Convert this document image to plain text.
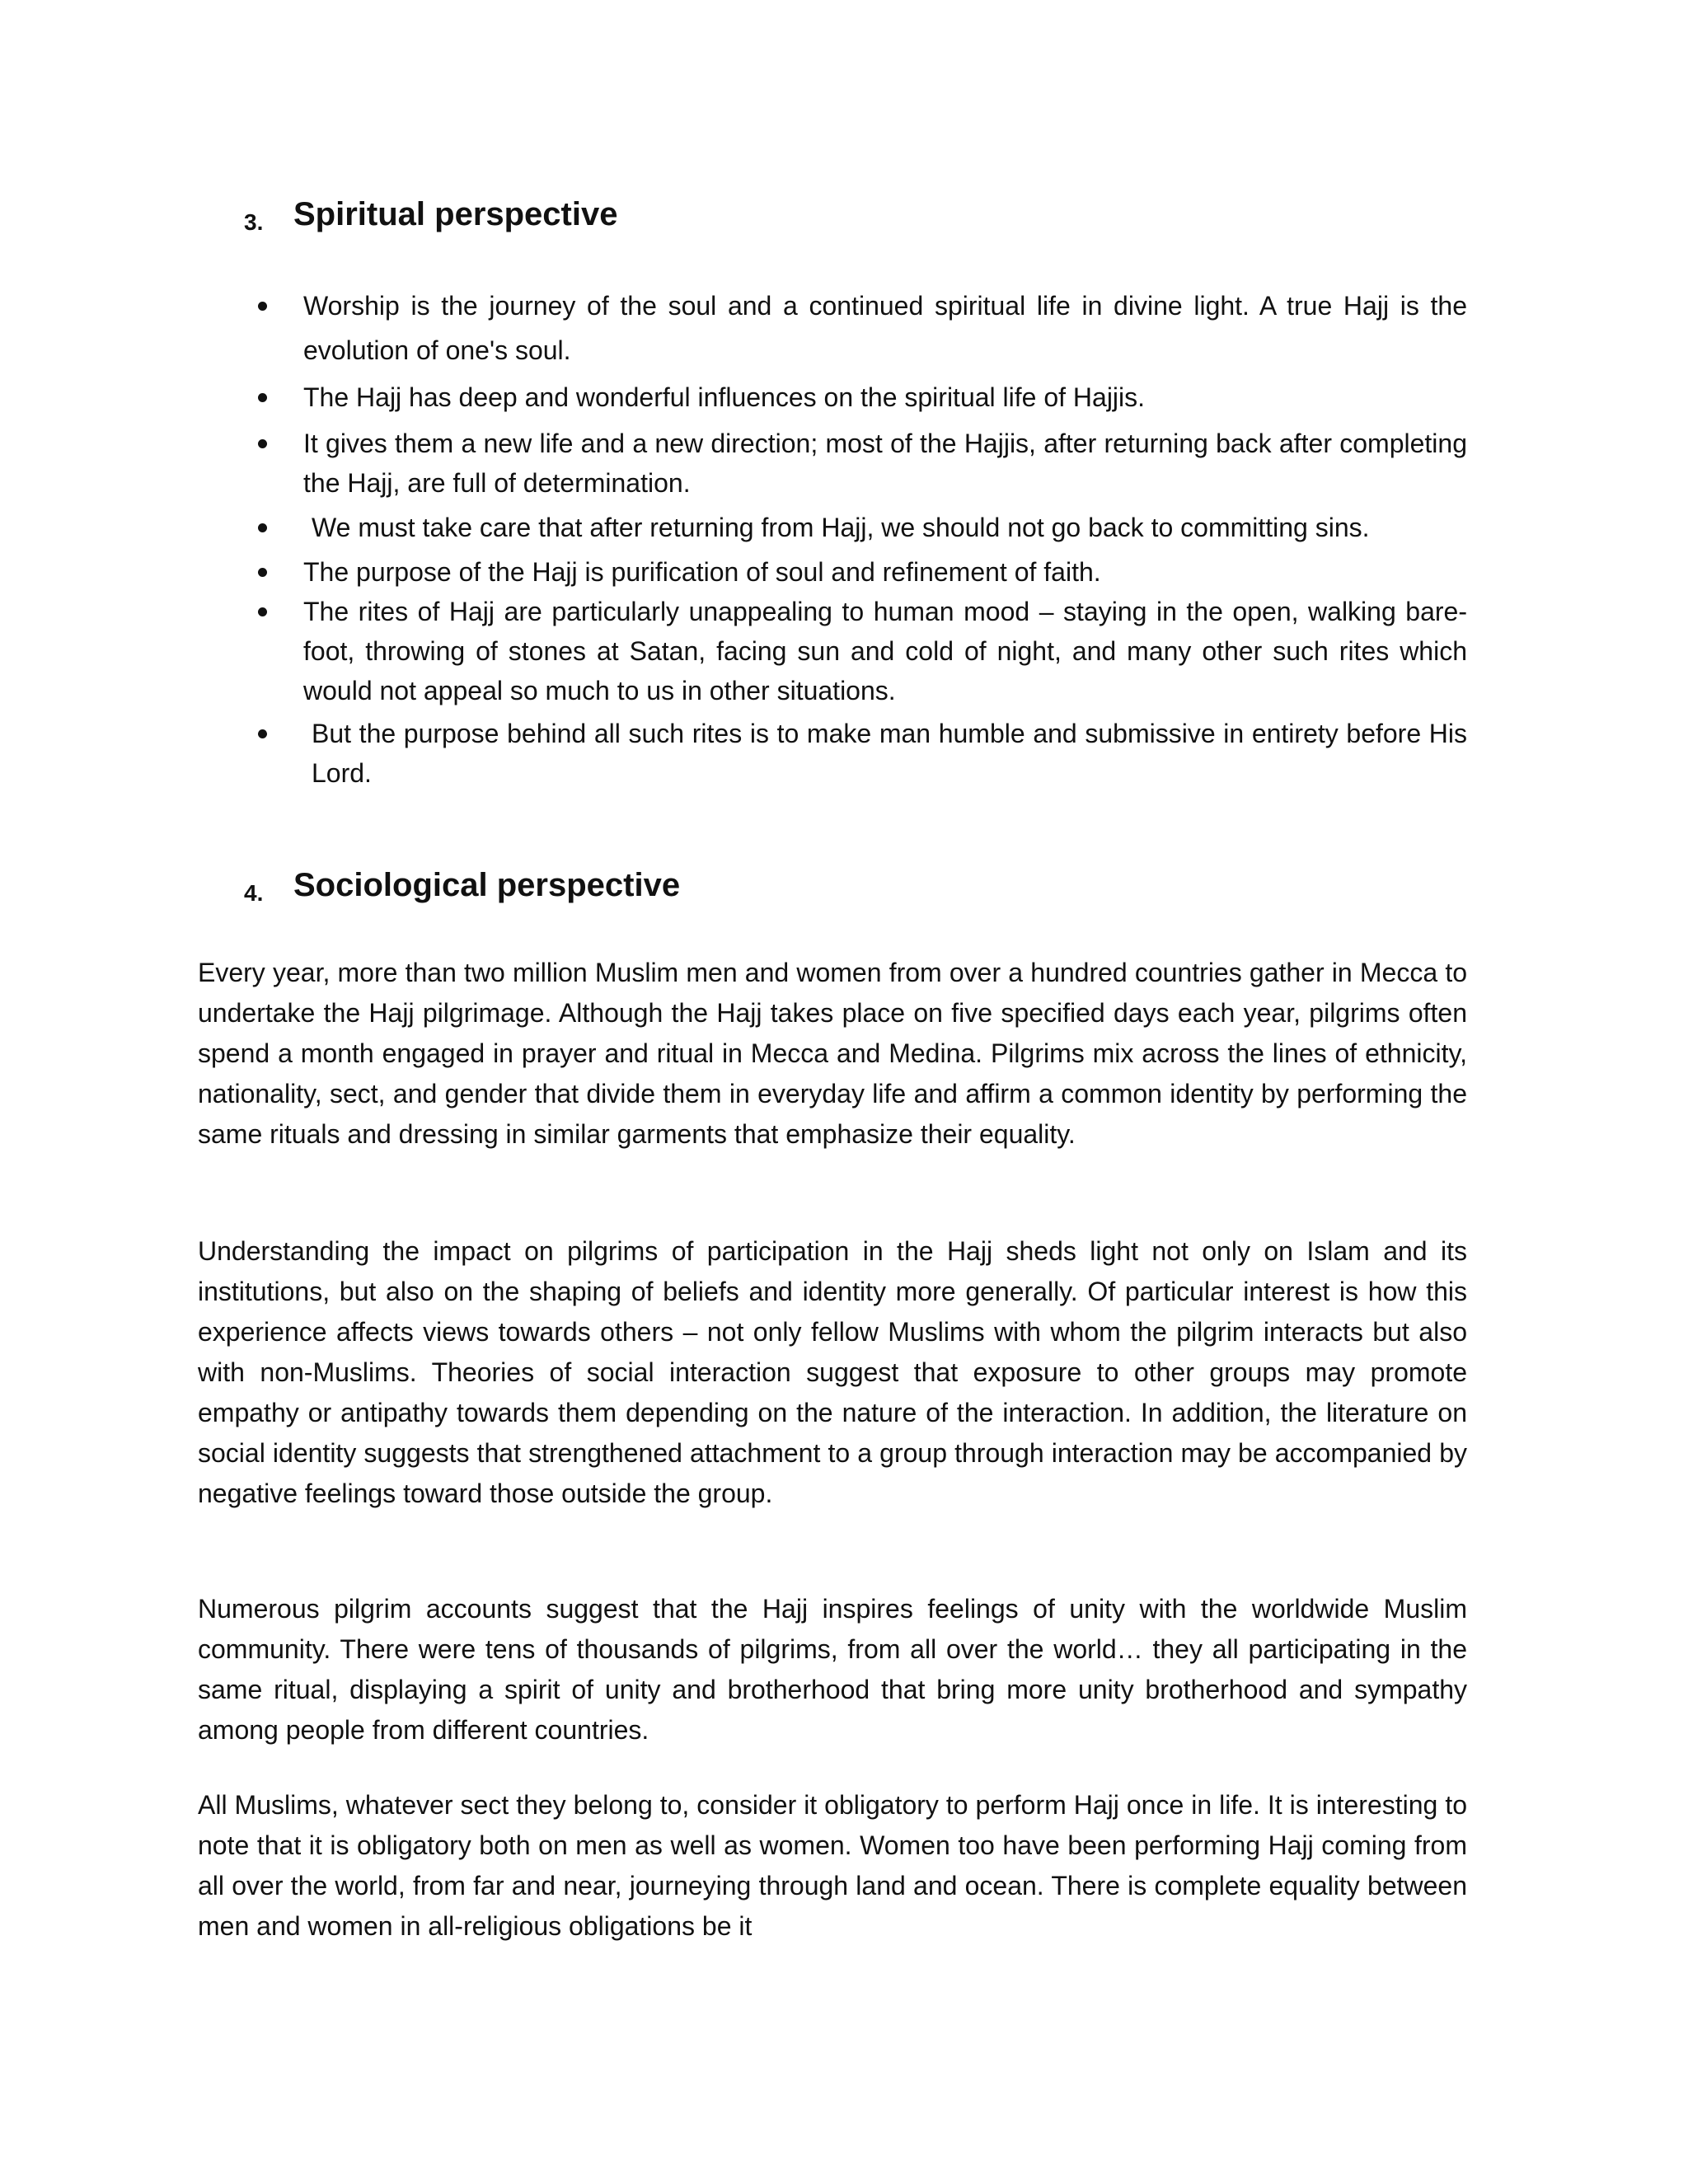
3. Spiritual perspective
Worship is the journey of the soul and a continued spiritual life in divine light. A true Hajj is the evolution of one's soul.
The Hajj has deep and wonderful influences on the spiritual life of Hajjis.
It gives them a new life and a new direction; most of the Hajjis, after returning back after completing the Hajj, are full of determination.
We must take care that after returning from Hajj, we should not go back to committing sins.
The purpose of the Hajj is purification of soul and refinement of faith.
The rites of Hajj are particularly unappealing to human mood – staying in the open, walking bare-foot, throwing of stones at Satan, facing sun and cold of night, and many other such rites which would not appeal so much to us in other situations.
But the purpose behind all such rites is to make man humble and submissive in entirety before His Lord.
4. Sociological perspective

Every year, more than two million Muslim men and women from over a hundred countries gather in Mecca to undertake the Hajj pilgrimage. Although the Hajj takes place on five specified days each year, pilgrims often spend a month engaged in prayer and ritual in Mecca and Medina. Pilgrims mix across the lines of ethnicity, nationality, sect, and gender that divide them in everyday life and affirm a common identity by performing the same rituals and dressing in similar garments that emphasize their equality.

Understanding the impact on pilgrims of participation in the Hajj sheds light not only on Islam and its institutions, but also on the shaping of beliefs and identity more generally. Of particular interest is how this experience affects views towards others – not only fellow Muslims with whom the pilgrim interacts but also with non-Muslims. Theories of social interaction suggest that exposure to other groups may promote empathy or antipathy towards them depending on the nature of the interaction. In addition, the literature on social identity suggests that strengthened attachment to a group through interaction may be accompanied by negative feelings toward those outside the group.

Numerous pilgrim accounts suggest that the Hajj inspires feelings of unity with the worldwide Muslim community. There were tens of thousands of pilgrims, from all over the world… they all participating in the same ritual, displaying a spirit of unity and brotherhood that bring more unity brotherhood and sympathy among people from different countries.

All Muslims, whatever sect they belong to, consider it obligatory to perform Hajj once in life. It is interesting to note that it is obligatory both on men as well as women. Women too have been performing Hajj coming from all over the world, from far and near, journeying through land and ocean. There is complete equality between men and women in all-religious obligations be it
